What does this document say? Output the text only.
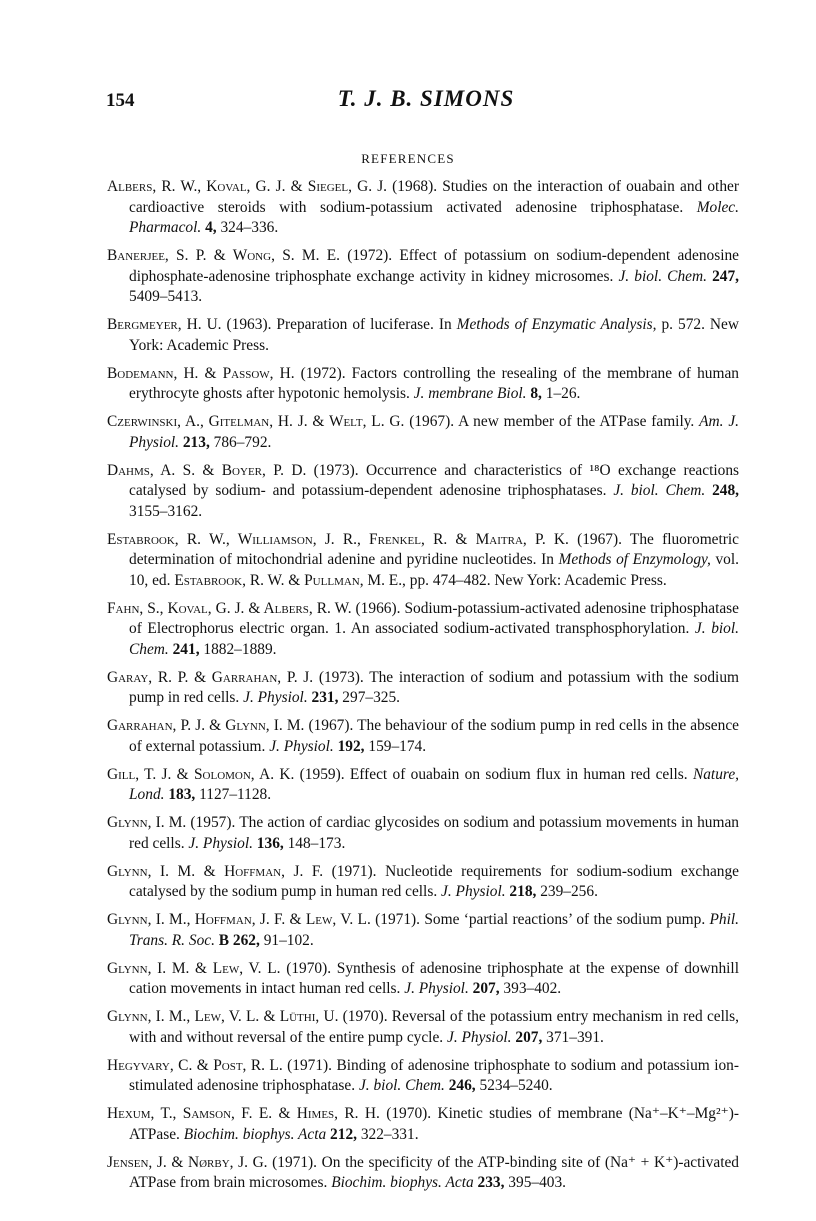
154	T. J. B. SIMONS
REFERENCES
Albers, R. W., Koval, G. J. & Siegel, G. J. (1968). Studies on the interaction of ouabain and other cardioactive steroids with sodium-potassium activated adenosine triphosphatase. Molec. Pharmacol. 4, 324–336.
Banerjee, S. P. & Wong, S. M. E. (1972). Effect of potassium on sodium-dependent adenosine diphosphate-adenosine triphosphate exchange activity in kidney microsomes. J. biol. Chem. 247, 5409–5413.
Bergmeyer, H. U. (1963). Preparation of luciferase. In Methods of Enzymatic Analysis, p. 572. New York: Academic Press.
Bodemann, H. & Passow, H. (1972). Factors controlling the resealing of the membrane of human erythrocyte ghosts after hypotonic hemolysis. J. membrane Biol. 8, 1–26.
Czerwinski, A., Gitelman, H. J. & Welt, L. G. (1967). A new member of the ATPase family. Am. J. Physiol. 213, 786–792.
Dahms, A. S. & Boyer, P. D. (1973). Occurrence and characteristics of ¹⁸O exchange reactions catalysed by sodium- and potassium-dependent adenosine triphosphatases. J. biol. Chem. 248, 3155–3162.
Estabrook, R. W., Williamson, J. R., Frenkel, R. & Maitra, P. K. (1967). The fluorometric determination of mitochondrial adenine and pyridine nucleotides. In Methods of Enzymology, vol. 10, ed. Estabrook, R. W. & Pullman, M. E., pp. 474–482. New York: Academic Press.
Fahn, S., Koval, G. J. & Albers, R. W. (1966). Sodium-potassium-activated adenosine triphosphatase of Electrophorus electric organ. 1. An associated sodium-activated transphosphorylation. J. biol. Chem. 241, 1882–1889.
Garay, R. P. & Garrahan, P. J. (1973). The interaction of sodium and potassium with the sodium pump in red cells. J. Physiol. 231, 297–325.
Garrahan, P. J. & Glynn, I. M. (1967). The behaviour of the sodium pump in red cells in the absence of external potassium. J. Physiol. 192, 159–174.
Gill, T. J. & Solomon, A. K. (1959). Effect of ouabain on sodium flux in human red cells. Nature, Lond. 183, 1127–1128.
Glynn, I. M. (1957). The action of cardiac glycosides on sodium and potassium movements in human red cells. J. Physiol. 136, 148–173.
Glynn, I. M. & Hoffman, J. F. (1971). Nucleotide requirements for sodium-sodium exchange catalysed by the sodium pump in human red cells. J. Physiol. 218, 239–256.
Glynn, I. M., Hoffman, J. F. & Lew, V. L. (1971). Some ‘partial reactions’ of the sodium pump. Phil. Trans. R. Soc. B 262, 91–102.
Glynn, I. M. & Lew, V. L. (1970). Synthesis of adenosine triphosphate at the expense of downhill cation movements in intact human red cells. J. Physiol. 207, 393–402.
Glynn, I. M., Lew, V. L. & Lüthi, U. (1970). Reversal of the potassium entry mechanism in red cells, with and without reversal of the entire pump cycle. J. Physiol. 207, 371–391.
Hegyvary, C. & Post, R. L. (1971). Binding of adenosine triphosphate to sodium and potassium ion-stimulated adenosine triphosphatase. J. biol. Chem. 246, 5234–5240.
Hexum, T., Samson, F. E. & Himes, R. H. (1970). Kinetic studies of membrane (Na⁺–K⁺–Mg²⁺)-ATPase. Biochim. biophys. Acta 212, 322–331.
Jensen, J. & Nørby, J. G. (1971). On the specificity of the ATP-binding site of (Na⁺ + K⁺)-activated ATPase from brain microsomes. Biochim. biophys. Acta 233, 395–403.
